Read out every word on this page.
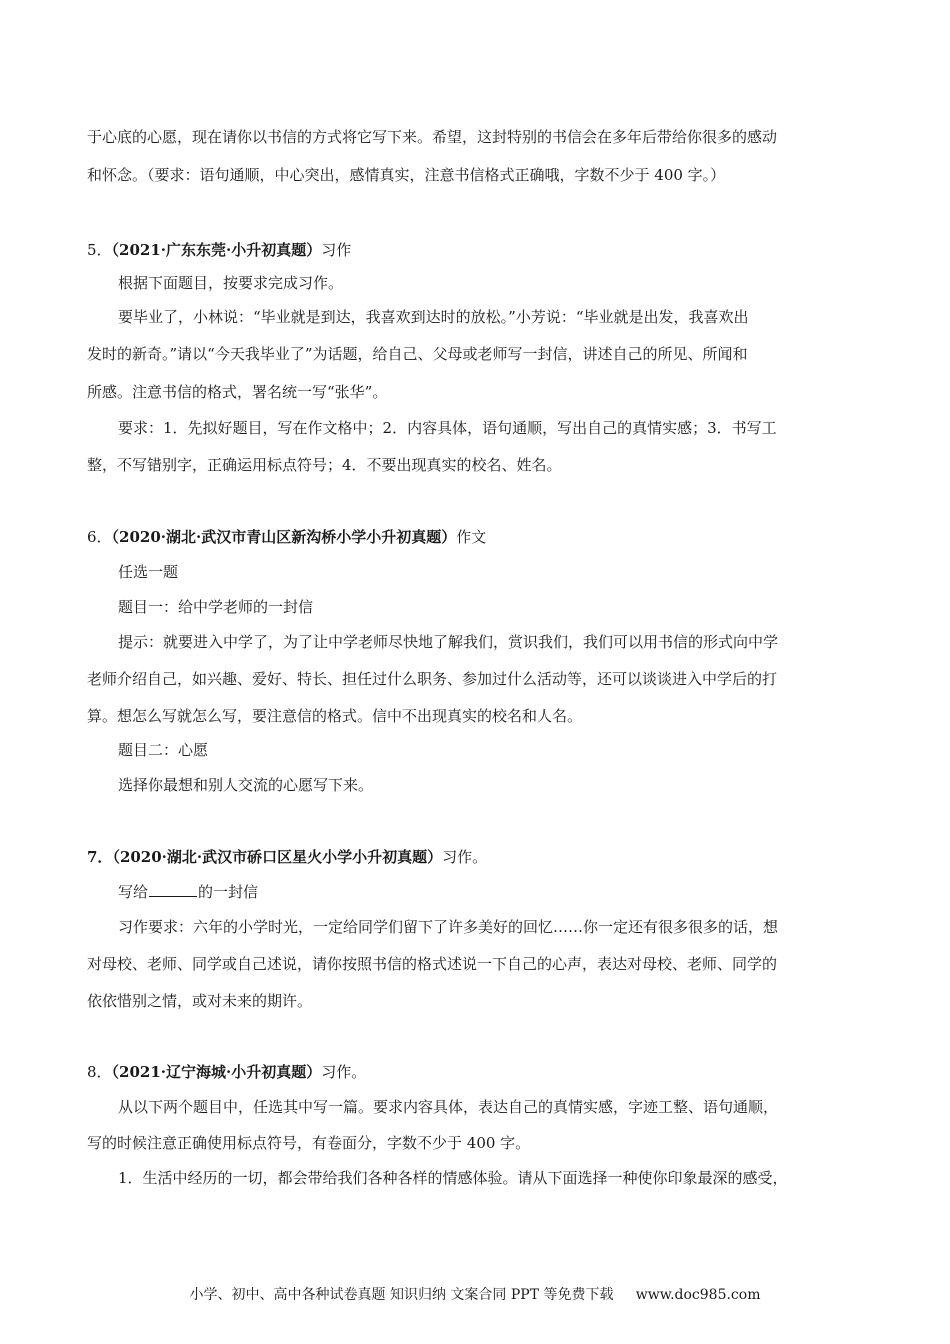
于心底的心愿，现在请你以书信的方式将它写下来。希望，这封特别的书信会在多年后带给你很多的感动
和怀念。（要求：语句通顺，中心突出，感情真实，注意书信格式正确哦，字数不少于 400 字。）
5．（2021·广东东莞·小升初真题）习作
根据下面题目，按要求完成习作。
要毕业了，小林说：“毕业就是到达，我喜欢到达时的放松。”小芳说：“毕业就是出发，我喜欢出
发时的新奇。”请以“今天我毕业了”为话题，给自己、父母或老师写一封信，讲述自己的所见、所闻和
所感。注意书信的格式，署名统一写“张华”。
要求：1．先拟好题目，写在作文格中；2．内容具体，语句通顺，写出自己的真情实感；3．书写工
整，不写错别字，正确运用标点符号；4．不要出现真实的校名、姓名。
6．（2020·湖北·武汉市青山区新沟桥小学小升初真题）作文
任选一题
题目一：给中学老师的一封信
提示：就要进入中学了，为了让中学老师尽快地了解我们，赏识我们，我们可以用书信的形式向中学
老师介绍自己，如兴趣、爱好、特长、担任过什么职务、参加过什么活动等，还可以谈谈进入中学后的打
算。想怎么写就怎么写，要注意信的格式。信中不出现真实的校名和人名。
题目二：心愿
选择你最想和别人交流的心愿写下来。
7．（2020·湖北·武汉市硚口区星火小学小升初真题）习作。
写给	的一封信
习作要求：六年的小学时光，一定给同学们留下了许多美好的回忆……你一定还有很多很多的话，想
对母校、老师、同学或自己述说，请你按照书信的格式述说一下自己的心声，表达对母校、老师、同学的
依依惜别之情，或对未来的期许。
8．（2021·辽宁海城·小升初真题）习作。
从以下两个题目中，任选其中写一篇。要求内容具体，表达自己的真情实感，字迹工整、语句通顺，
写的时候注意正确使用标点符号，有卷面分，字数不少于 400 字。
1．生活中经历的一切，都会带给我们各种各样的情感体验。请从下面选择一种使你印象最深的感受，
小学、初中、高中各种试卷真题 知识归纳 文案合同 PPT 等免费下载 www.doc985.com
